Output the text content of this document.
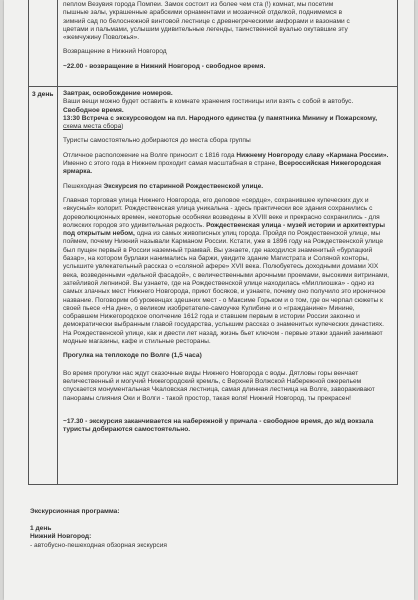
пеплом Везувия города Помпеи. Замок состоит из более чем ста (!) комнат, мы посетим

пышные залы, украшенные арабскими орнаментами и мозаичной отделкой, поднимемся в

зимний сад по белоснежной винтовой лестнице с древнегреческими амфорами и вазонами с

цветами и пальмами, услышим удивительные легенды, таинственной вуалью окутавшие эту

«жемчужину Поволжья».

Возвращение в Нижний Новгород

~22.00 - возвращение в Нижний Новгород - свободное время.

3 день Завтрак, освобождение номеров.

Ваши вещи можно будет оставить в комнате хранения гостиницы или взять с собой в автобус.

Свободное время.

13:30 Встреча с экскурсоводом на пл. Народного единства (у памятника Минину и Пожарскому, схема места сбора)

Туристы самостоятельно добираются до места сбора группы

Отличное расположение на Волге приносит с 1816 года Нижнему Новгороду славу «Кармана России». Именно с этого года в Нижнем проходит самая масштабная в стране, Всероссийская Нижегородская ярмарка.

Пешеходная Экскурсия по старинной Рождественской улице.

Главная торговая улица Нижнего Новгорода, его деловое «сердце», сохранившее купеческих дух и «вкусный» колорит. Рождественская улица уникальна - здесь практически все здания сохранились с дореволюционных времен, некоторые особняки возведены в XVIII веке и прекрасно сохранились - для волжских городов это удивительная редкость. Рождественская улица - музей истории и архитектуры под открытым небом, одна из самых живописных улиц города. Пройдя по Рождественской улице, мы поймем, почему Нижний называли Карманом России. Кстати, уже в 1896 году на Рождественской улице был пущен первый в России наземный трамвай. Вы узнаете, где находился знаменитый «бурлацкий базар», на котором бурлаки нанимались на баржи, увидите здание Магистрата и Соляной конторы, услышите увлекательный рассказ о «соляной афере» XVII века. Полюбуетесь доходными домами XIX века, возведенными «дельной фасадой», с величественными арочными проемами, высокими витринами, затейливой лепниной. Вы узнаете, где на Рождественской улице находилась «Миллиошка» - одно из самых злачных мест Нижнего Новгорода, приют босяков, и узнаете, почему оно получило это ироничное название. Поговорим об уроженцах здешних мест - о Максиме Горьком и о том, где он черпал сюжеты к своей пьесе «На дне», о великом изобретателе-самоучке Кулибине и о «гражданине» Минине, собравшем Нижегородское ополчение 1612 года и ставшем первым в истории России законно и демократически выбранным главой государства, услышим рассказ о знаменитых купеческих династиях. На Рождественской улице, как и двести лет назад, жизнь бьет ключом - первые этажи зданий занимают модные магазины, кафе и стильные рестораны.

Прогулка на теплоходе по Волге (1,5 часа)

Во время прогулки нас ждут сказочные виды Нижнего Новгорода с воды. Дятловы горы венчает величественный и могучий Нижегородский кремль, с Верхней Волжской Набережной ожерельем спускается монументальная Чкаловская лестница, самая длинная лестница на Волге, завораживают панорамы слияния Оки и Волги - такой простор, такая воля! Нижний Новгород, ты прекрасен!

~17.30 - экскурсия заканчивается на набережной у причала - свободное время, до ж/д вокзала туристы добираются самостоятельно.

Экскурсионная программа:

1 день

Нижний Новгород:

- автобусно-пешеходная обзорная экскурсия
